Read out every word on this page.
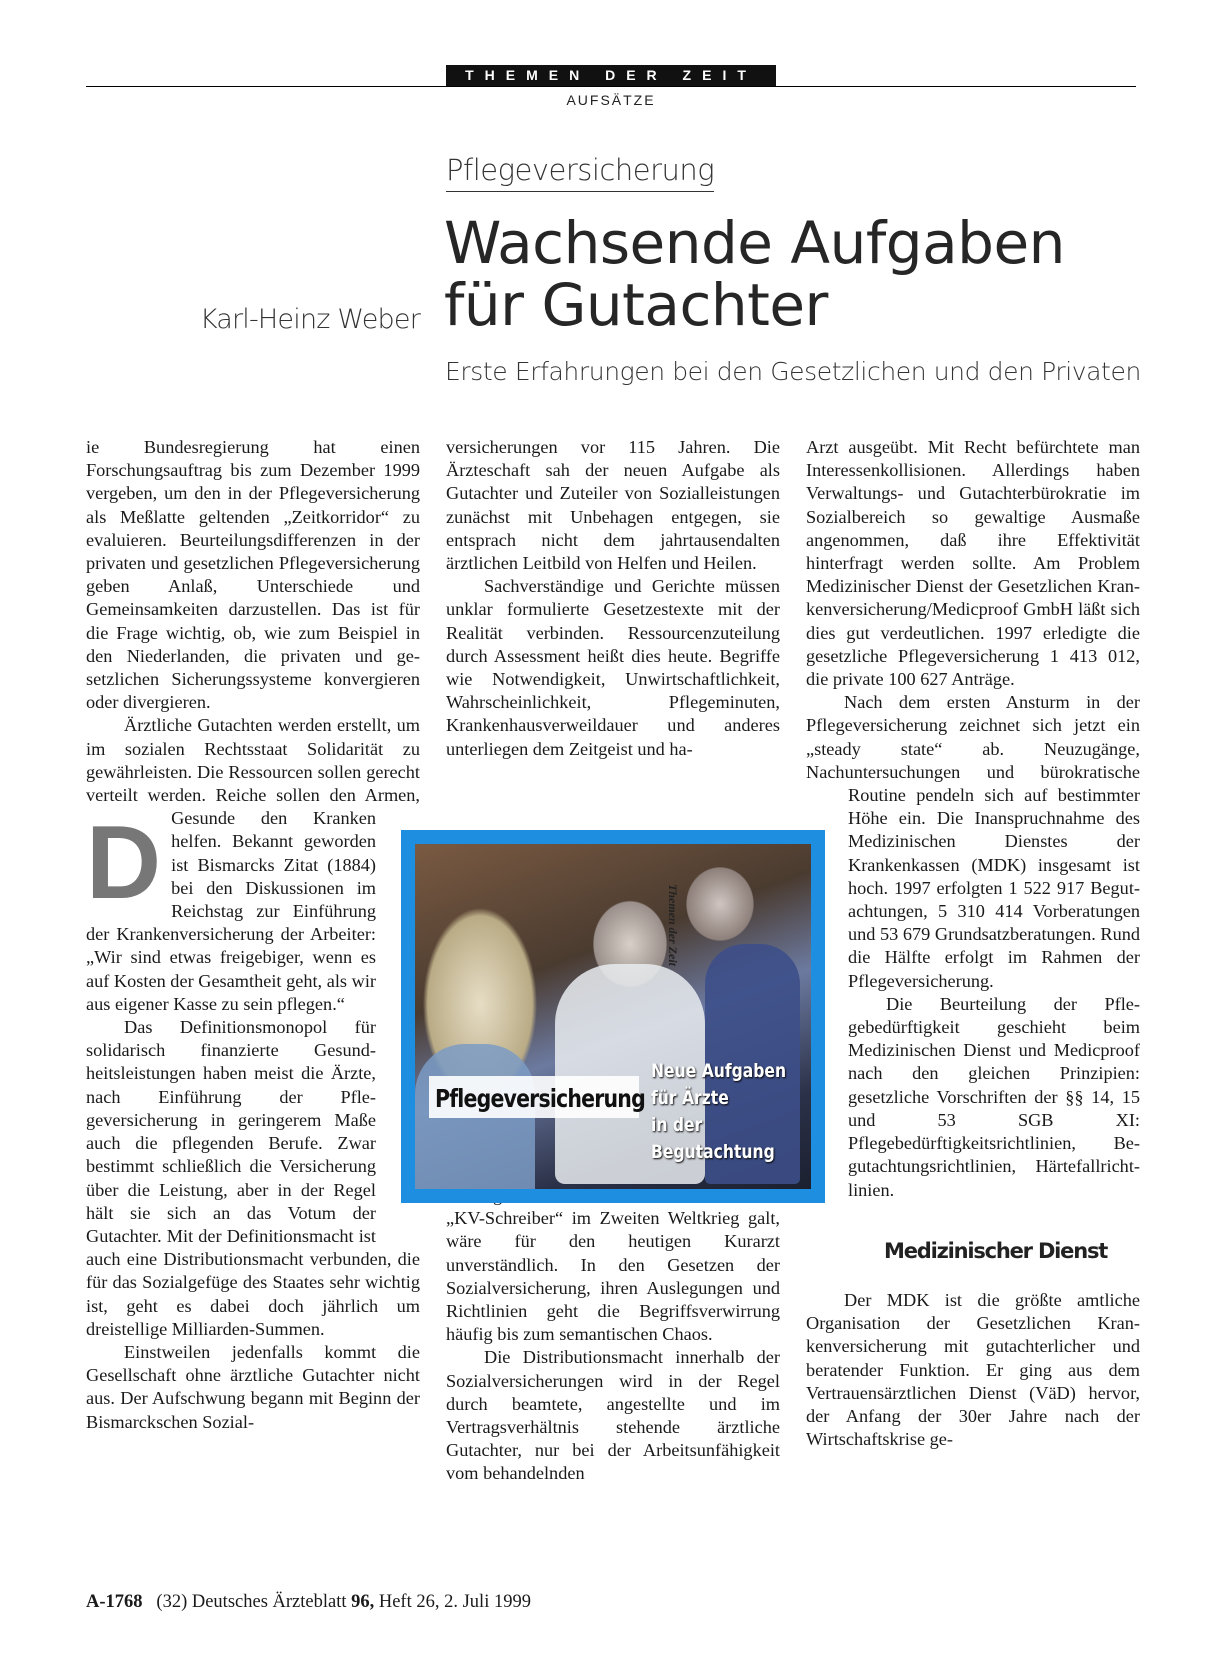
THEMEN DER ZEIT
AUFSÄTZE
Pflegeversicherung
Wachsende Aufgaben
für Gutachter
Karl-Heinz Weber
Erste Erfahrungen bei den Gesetzlichen und den Privaten

D
ie Bundesregierung hat einen Forschungsauftrag bis zum Dezember 1999 vergeben, um den in der Pflegeversicherung als Meßlatte geltenden „Zeitkorridor“ zu evaluieren. Beurteilungsdifferenzen in der privaten und gesetzlichen Pflegeversicherung geben Anlaß, Unterschiede und Gemeinsamkeiten darzustellen. Das ist für die Frage wichtig, ob, wie zum Beispiel in den Niederlanden, die privaten und gesetzlichen Sicherungssysteme konvergieren oder divergieren.

Ärztliche Gutachten werden erstellt, um im sozialen Rechtsstaat Solidarität zu gewährleisten. Die Ressourcen sollen gerecht verteilt werden. Reiche sollen den Armen, Gesunde den Kranken helfen. Bekannt geworden ist Bismarcks Zitat (1884) bei den Diskussionen im Reichstag zur Einführung der Krankenversicherung der Arbeiter: „Wir sind etwas freigebiger, wenn es auf Kosten der Gesamtheit geht, als wir aus eigener Kasse zu sein pflegen.“

Das Definitionsmonopol für solidarisch finanzierte Gesundheitsleistungen haben meist die Ärzte, nach Einführung der Pflegeversicherung in geringerem Maße auch die pflegenden Berufe. Zwar bestimmt schließlich die Versicherung über die Leistung, aber in der Regel hält sie sich an das Votum der Gutachter. Mit der Definitionsmacht ist auch eine Distributionsmacht verbunden, die für das Sozialgefüge des Staates sehr wichtig ist, geht es dabei doch jährlich um dreistellige Milliarden-Summen.

Einstweilen jedenfalls kommt die Gesellschaft ohne ärztliche Gutachter nicht aus. Der Aufschwung begann mit Beginn der Bismarckschen Sozial-

versicherungen vor 115 Jahren. Die Ärzteschaft sah der neuen Aufgabe als Gutachter und Zuteiler von Sozialleistungen zunächst mit Unbehagen entgegen, sie entsprach nicht dem jahrtausendalten ärztlichen Leitbild von Helfen und Heilen.

Sachverständige und Gerichte müssen unklar formulierte Gesetzestexte mit der Realität verbinden. Ressourcenzuteilung durch Assessment heißt dies heute. Begriffe wie Notwendigkeit, Unwirtschaftlichkeit, Wahrscheinlichkeit, Pflegeminuten, Krankenhausverweildauer und anderes unterliegen dem Zeitgeist und ha-

„KV-Schreiber“ im Zweiten Weltkrieg galt, wäre für den heutigen Kurarzt unverständlich. In den Gesetzen der Sozialversicherung, ihren Auslegungen und Richtlinien geht die Begriffsverwirrung häufig bis zum semantischen Chaos.

Die Distributionsmacht innerhalb der Sozialversicherungen wird in der Regel durch beamtete, angestellte und im Vertragsverhältnis stehende ärztliche Gutachter, nur bei der Arbeitsunfähigkeit vom behandelnden

Arzt ausgeübt. Mit Recht befürchtete man Interessenkollisionen. Allerdings haben Verwaltungs- und Gutachterbürokratie im Sozialbereich so gewaltige Ausmaße angenommen, daß ihre Effektivität hinterfragt werden sollte. Am Problem Medizinischer Dienst der Gesetzlichen Krankenversicherung/Medicproof GmbH läßt sich dies gut verdeutlichen. 1997 erledigte die gesetzliche Pflegeversicherung 1 413 012, die private 100 627 Anträge.

Nach dem ersten Ansturm in der Pflegeversicherung zeichnet sich jetzt ein „steady state“ ab. Neuzugänge, Nachuntersuchungen und bürokratische Routine pendeln sich auf bestimmter Höhe ein. Die Inanspruchnahme des Medizinischen Dienstes der Krankenkassen (MDK) insgesamt ist hoch. 1997 erfolgten 1 522 917 Begutachtungen, 5 310 414 Vorberatungen und 53 679 Grundsatzberatungen. Rund die Hälfte erfolgt im Rahmen der Pflegeversicherung.

Die Beurteilung der Pflegebedürftigkeit geschieht beim Medizinischen Dienst und Medicproof nach den gleichen Prinzipien: gesetzliche Vorschriften der §§ 14, 15 und 53 SGB XI: Pflegebedürftigkeitsrichtlinien, Begutachtungsrichtlinien, Härtefallrichtlinien.

Medizinischer Dienst

Der MDK ist die größte amtliche Organisation der Gesetzlichen Krankenversicherung mit gutachterlicher und beratender Funktion. Er ging aus dem Vertrauensärztlichen Dienst (VäD) hervor, der Anfang der 30er Jahre nach der Wirtschaftskrise ge-

Themen der Zeit
Pflegeversicherung
Neue Aufgaben
für Ärzte
in der
Begutachtung
A-1768 (32) Deutsches Ärzteblatt 96, Heft 26, 2. Juli 1999
